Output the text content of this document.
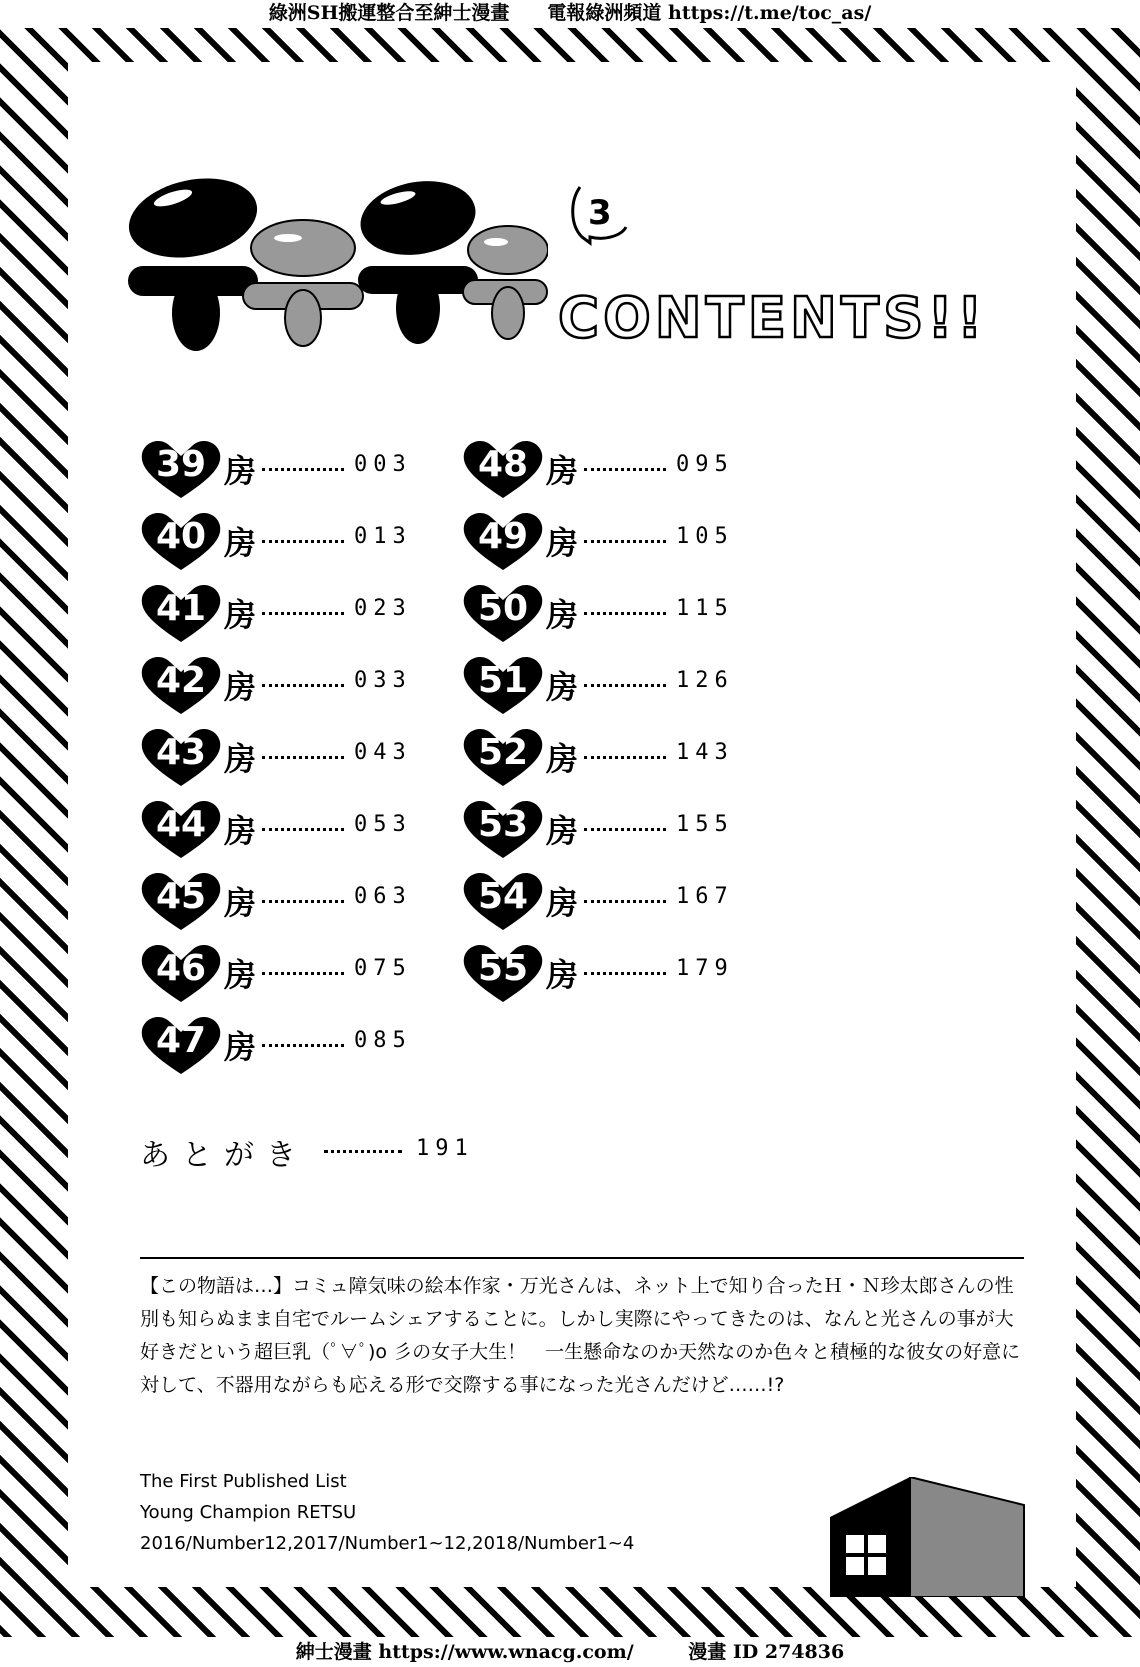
綠洲SH搬運整合至紳士漫畫　　電報綠洲頻道 https://t.me/toc_as/
3
CONTENTS!!
39 房	003
40 房	013
41 房	023
42 房	033
43 房	043
44 房	053
45 房	063
46 房	075
47 房	085
48 房	095
49 房	105
50 房	115
51 房	126
52 房	143
53 房	155
54 房	167
55 房	179
あとがき	191
【この物語は…】コミュ障気味の絵本作家・万光さんは、ネット上で知り合ったＨ・Ｎ珍太郎さんの性別も知らぬまま自宅でルームシェアすることに。しかし実際にやってきたのは、なんと光さんの事が大好きだという超巨乳（ﾟ∀ﾟ)o 彡の女子大生！　一生懸命なのか天然なのか色々と積極的な彼女の好意に対して、不器用ながらも応える形で交際する事になった光さんだけど……!?
The First Published List
Young Champion RETSU
2016/Number12,2017/Number1~12,2018/Number1~4
紳士漫畫 https://www.wnacg.com/	漫畫 ID 274836
